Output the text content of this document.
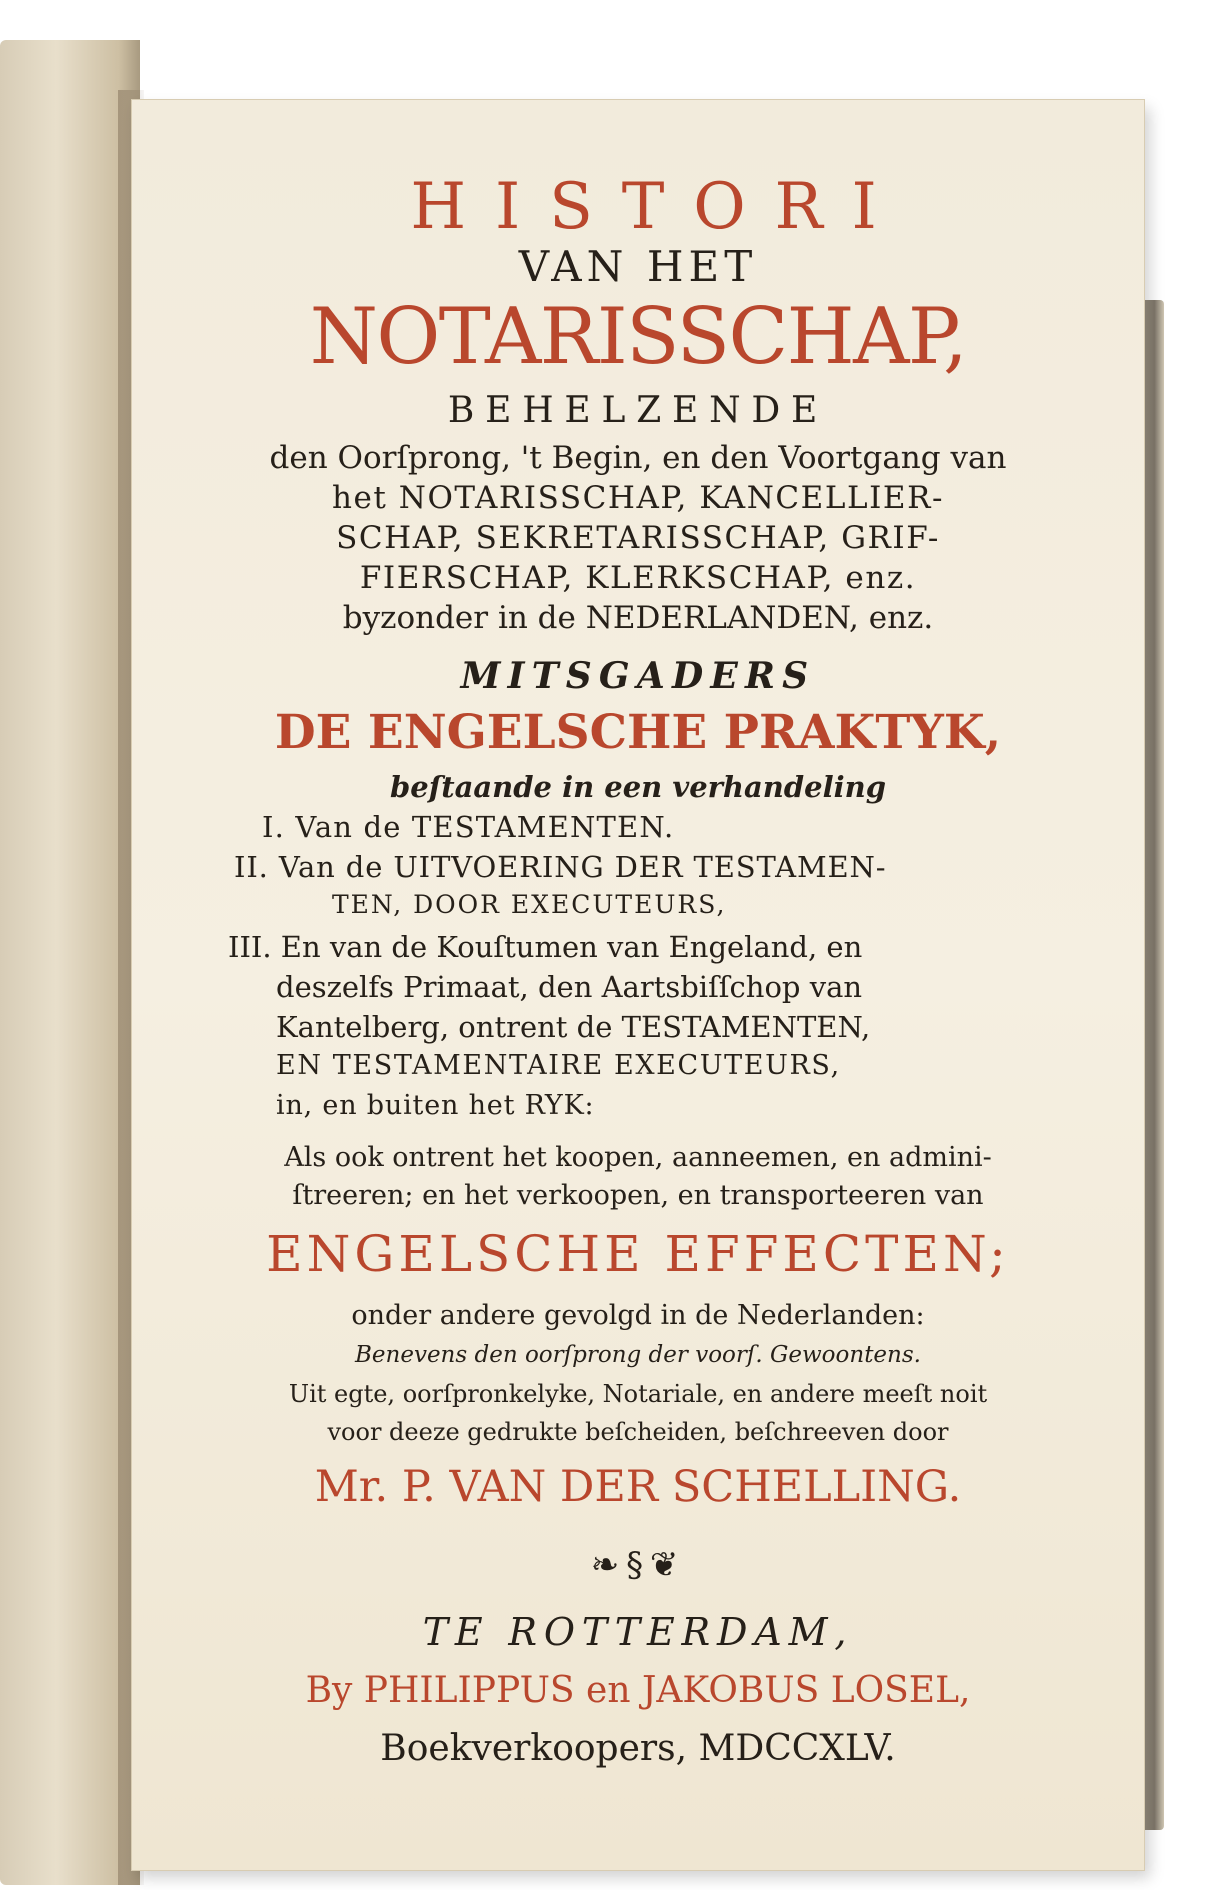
HISTORI
VAN HET
NOTARISSCHAP,
BEHELZENDE
den Oorſprong, 't Begin, en den Voortgang van
het NOTARISSCHAP, KANCELLIER-
SCHAP, SEKRETARISSCHAP, GRIF-
FIERSCHAP, KLERKSCHAP, enz.
byzonder in de NEDERLANDEN, enz.
MITSGADERS
DE ENGELSCHE PRAKTYK,
beſtaande in een verhandeling
I. Van de TESTAMENTEN.
II. Van de UITVOERING DER TESTAMEN-
TEN, DOOR EXECUTEURS,
III. En van de Kouſtumen van Engeland, en
deszelfs Primaat, den Aartsbiſſchop van
Kantelberg, ontrent de TESTAMENTEN,
EN TESTAMENTAIRE EXECUTEURS,
in, en buiten het RYK:
Als ook ontrent het koopen, aanneemen, en admini-
ſtreeren; en het verkoopen, en transporteeren van
ENGELSCHE EFFECTEN;
onder andere gevolgd in de Nederlanden:
Benevens den oorſprong der voorſ. Gewoontens.
Uit egte, oorſpronkelyke, Notariale, en andere meeſt noit
voor deeze gedrukte beſcheiden, beſchreeven door
Mr. P. VAN DER SCHELLING.
❧§❦
TE ROTTERDAM,
By PHILIPPUS en JAKOBUS LOSEL,
Boekverkoopers, MDCCXLV.
